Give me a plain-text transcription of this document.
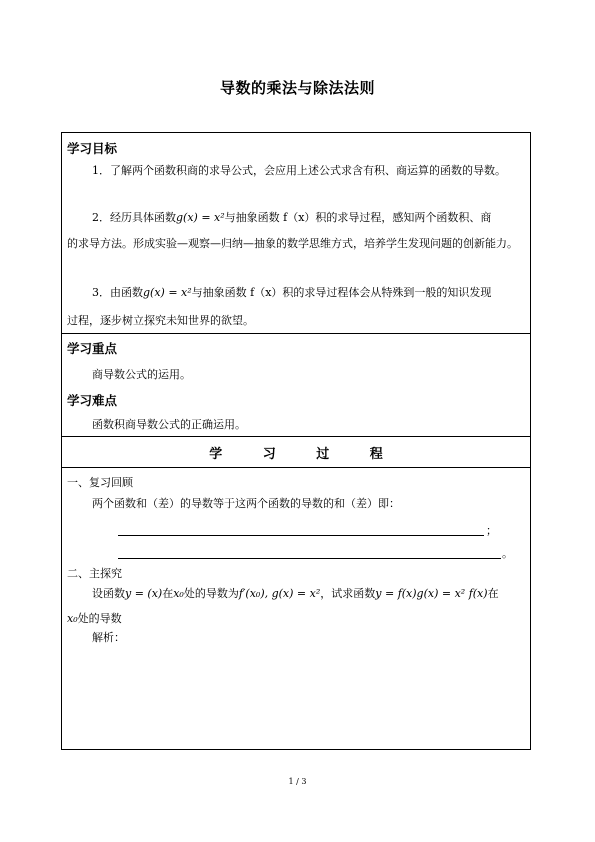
导数的乘法与除法法则
学习目标
1．了解两个函数积商的求导公式，会应用上述公式求含有积、商运算的函数的导数。
2．经历具体函数g(x) = x²与抽象函数 f（x）积的求导过程，感知两个函数积、商
的求导方法。形成实验—观察—归纳—抽象的数学思维方式，培养学生发现问题的创新能力。
3．由函数g(x) = x²与抽象函数 f（x）积的求导过程体会从特殊到一般的知识发现
过程，逐步树立探究未知世界的欲望。
学习重点
商导数公式的运用。
学习难点
函数积商导数公式的正确运用。
学 习 过 程
一、复习回顾
两个函数和（差）的导数等于这两个函数的导数的和（差）即：
；
。
二、主探究
设函数y = (x)在x₀处的导数为f′(x₀), g(x) = x²，试求函数y = f(x)g(x) = x² f(x)在
x₀处的导数
解析：
1 / 3
